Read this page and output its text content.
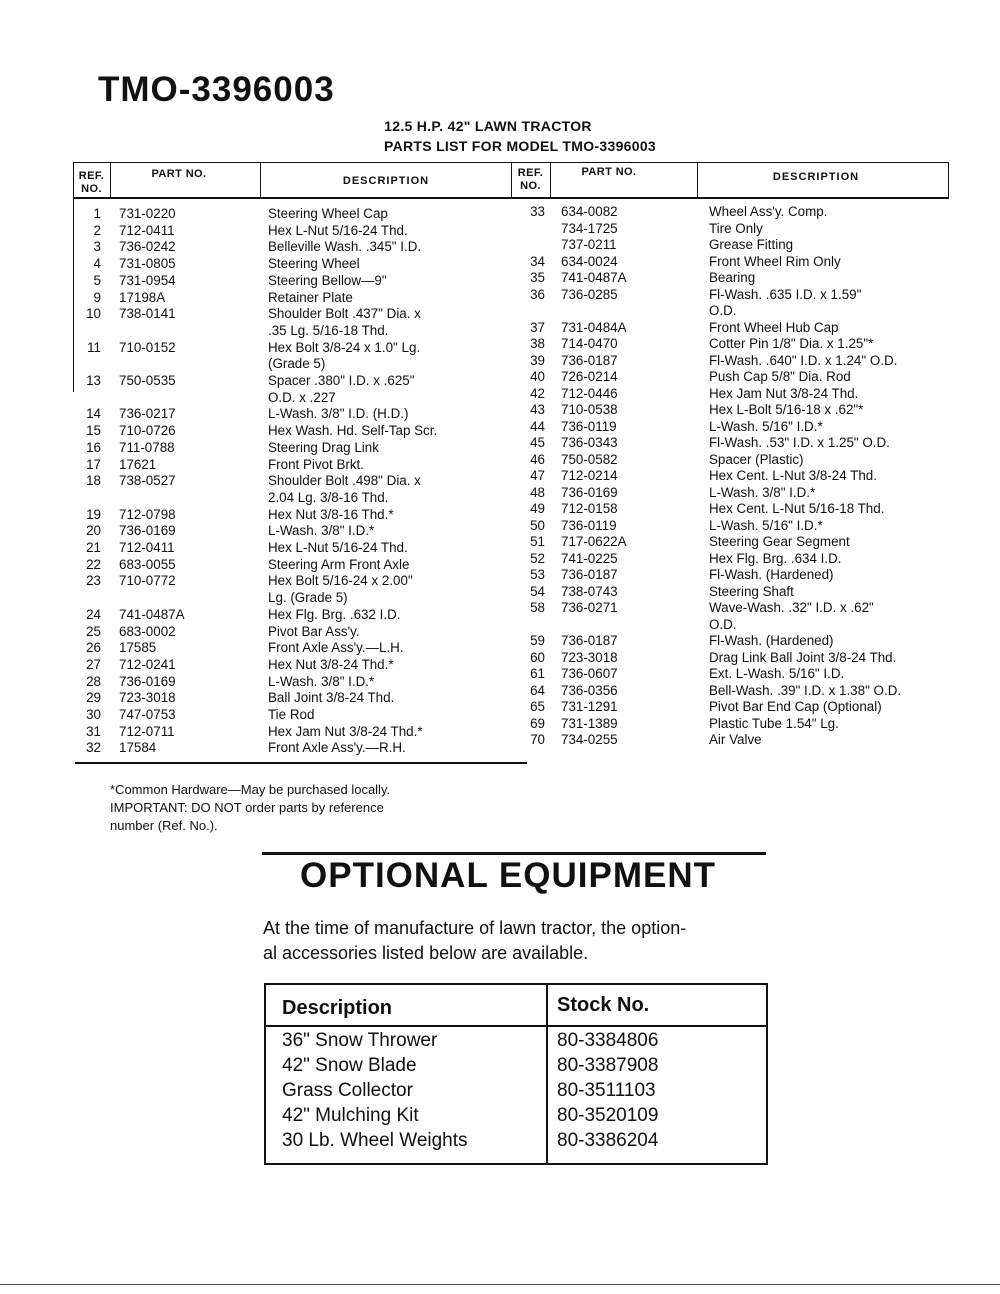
TMO-3396003
12.5 H.P. 42" LAWN TRACTOR
PARTS LIST FOR MODEL TMO-3396003
REF. NO.
PART NO.
DESCRIPTION
REF. NO.
PART NO.	DESCRIPTION
1 731-0220	Steering Wheel Cap
2 712-0411	Hex L-Nut 5/16-24 Thd.
3 736-0242	Belleville Wash. .345" I.D.
4 731-0805	Steering Wheel
5 731-0954	Steering Bellow—9"
9 17198A	Retainer Plate
10 738-0141	Shoulder Bolt .437" Dia. x
.35 Lg. 5/16-18 Thd.
11 710-0152	Hex Bolt 3/8-24 x 1.0" Lg.
(Grade 5)
13 750-0535	Spacer .380" I.D. x .625"
O.D. x .227
14 736-0217	L-Wash. 3/8" I.D. (H.D.)
15 710-0726	Hex Wash. Hd. Self-Tap Scr.
16 711-0788	Steering Drag Link
17 17621	Front Pivot Brkt.
18 738-0527	Shoulder Bolt .498" Dia. x
2.04 Lg. 3/8-16 Thd.
19 712-0798	Hex Nut 3/8-16 Thd.*
20 736-0169	L-Wash. 3/8" I.D.*
21 712-0411	Hex L-Nut 5/16-24 Thd.
22 683-0055	Steering Arm Front Axle
23 710-0772	Hex Bolt 5/16-24 x 2.00"
Lg. (Grade 5)
24 741-0487A	Hex Flg. Brg. .632 I.D.
25 683-0002	Pivot Bar Ass'y.
26 17585	Front Axle Ass'y.—L.H.
27 712-0241	Hex Nut 3/8-24 Thd.*
28 736-0169	L-Wash. 3/8" I.D.*
29 723-3018	Ball Joint 3/8-24 Thd.
30 747-0753	Tie Rod
31 712-0711	Hex Jam Nut 3/8-24 Thd.*
32 17584	Front Axle Ass'y.—R.H.
33 634-0082	Wheel Ass'y. Comp.
734-1725	Tire Only
737-0211	Grease Fitting
34 634-0024	Front Wheel Rim Only
35 741-0487A	Bearing
36 736-0285	Fl-Wash. .635 I.D. x 1.59"
O.D.
37 731-0484A	Front Wheel Hub Cap
38 714-0470	Cotter Pin 1/8" Dia. x 1.25"*
39 736-0187	Fl-Wash. .640" I.D. x 1.24" O.D.
40 726-0214	Push Cap 5/8" Dia. Rod
42 712-0446	Hex Jam Nut 3/8-24 Thd.
43 710-0538	Hex L-Bolt 5/16-18 x .62"*
44 736-0119	L-Wash. 5/16" I.D.*
45 736-0343	Fl-Wash. .53" I.D. x 1.25" O.D.
46 750-0582	Spacer (Plastic)
47 712-0214	Hex Cent. L-Nut 3/8-24 Thd.
48 736-0169	L-Wash. 3/8" I.D.*
49 712-0158	Hex Cent. L-Nut 5/16-18 Thd.
50 736-0119	L-Wash. 5/16" I.D.*
51 717-0622A	Steering Gear Segment
52 741-0225	Hex Flg. Brg. .634 I.D.
53 736-0187	Fl-Wash. (Hardened)
54 738-0743	Steering Shaft
58 736-0271	Wave-Wash. .32" I.D. x .62"
O.D.
59 736-0187	Fl-Wash. (Hardened)
60 723-3018	Drag Link Ball Joint 3/8-24 Thd.
61 736-0607	Ext. L-Wash. 5/16" I.D.
64 736-0356	Bell-Wash. .39" I.D. x 1.38" O.D.
65 731-1291	Pivot Bar End Cap (Optional)
69 731-1389	Plastic Tube 1.54" Lg.
70 734-0255	Air Valve
*Common Hardware—May be purchased locally.
IMPORTANT: DO NOT order parts by reference
number (Ref. No.).
OPTIONAL EQUIPMENT
At the time of manufacture of lawn tractor, the option-
al accessories listed below are available.
Description	Stock No.
36" Snow Thrower	80-3384806
42" Snow Blade	80-3387908
Grass Collector	80-3511103
42" Mulching Kit	80-3520109
30 Lb. Wheel Weights	80-3386204
